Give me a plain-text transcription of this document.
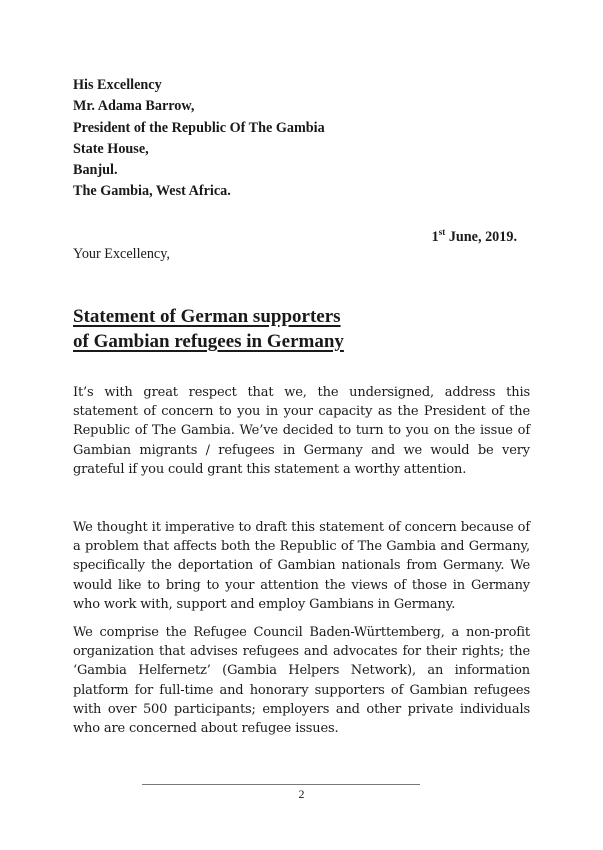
His Excellency
Mr. Adama Barrow,
President of the Republic Of The Gambia
State House,
Banjul.
The Gambia, West Africa.
1st June, 2019.
Your Excellency,
Statement of German supporters
of Gambian refugees in Germany

It’s with great respect that we, the undersigned, address this statement of concern to you in your capacity as the President of the Republic of The Gambia. We’ve decided to turn to you on the issue of Gambian migrants / refugees in Germany and we would be very grateful if you could grant this statement a worthy attention.

We thought it imperative to draft this statement of concern because of a problem that affects both the Republic of The Gambia and Germany, specifically the deportation of Gambian nationals from Germany. We would like to bring to your attention the views of those in Germany who work with, support and employ Gambians in Germany.

We comprise the Refugee Council Baden-Württemberg, a non-profit organization that advises refugees and advocates for their rights; the ‘Gambia Helfernetz’ (Gambia Helpers Network), an information platform for full-time and honorary supporters of Gambian refugees with over 500 participants; employers and other private individuals who are concerned about refugee issues.

2
